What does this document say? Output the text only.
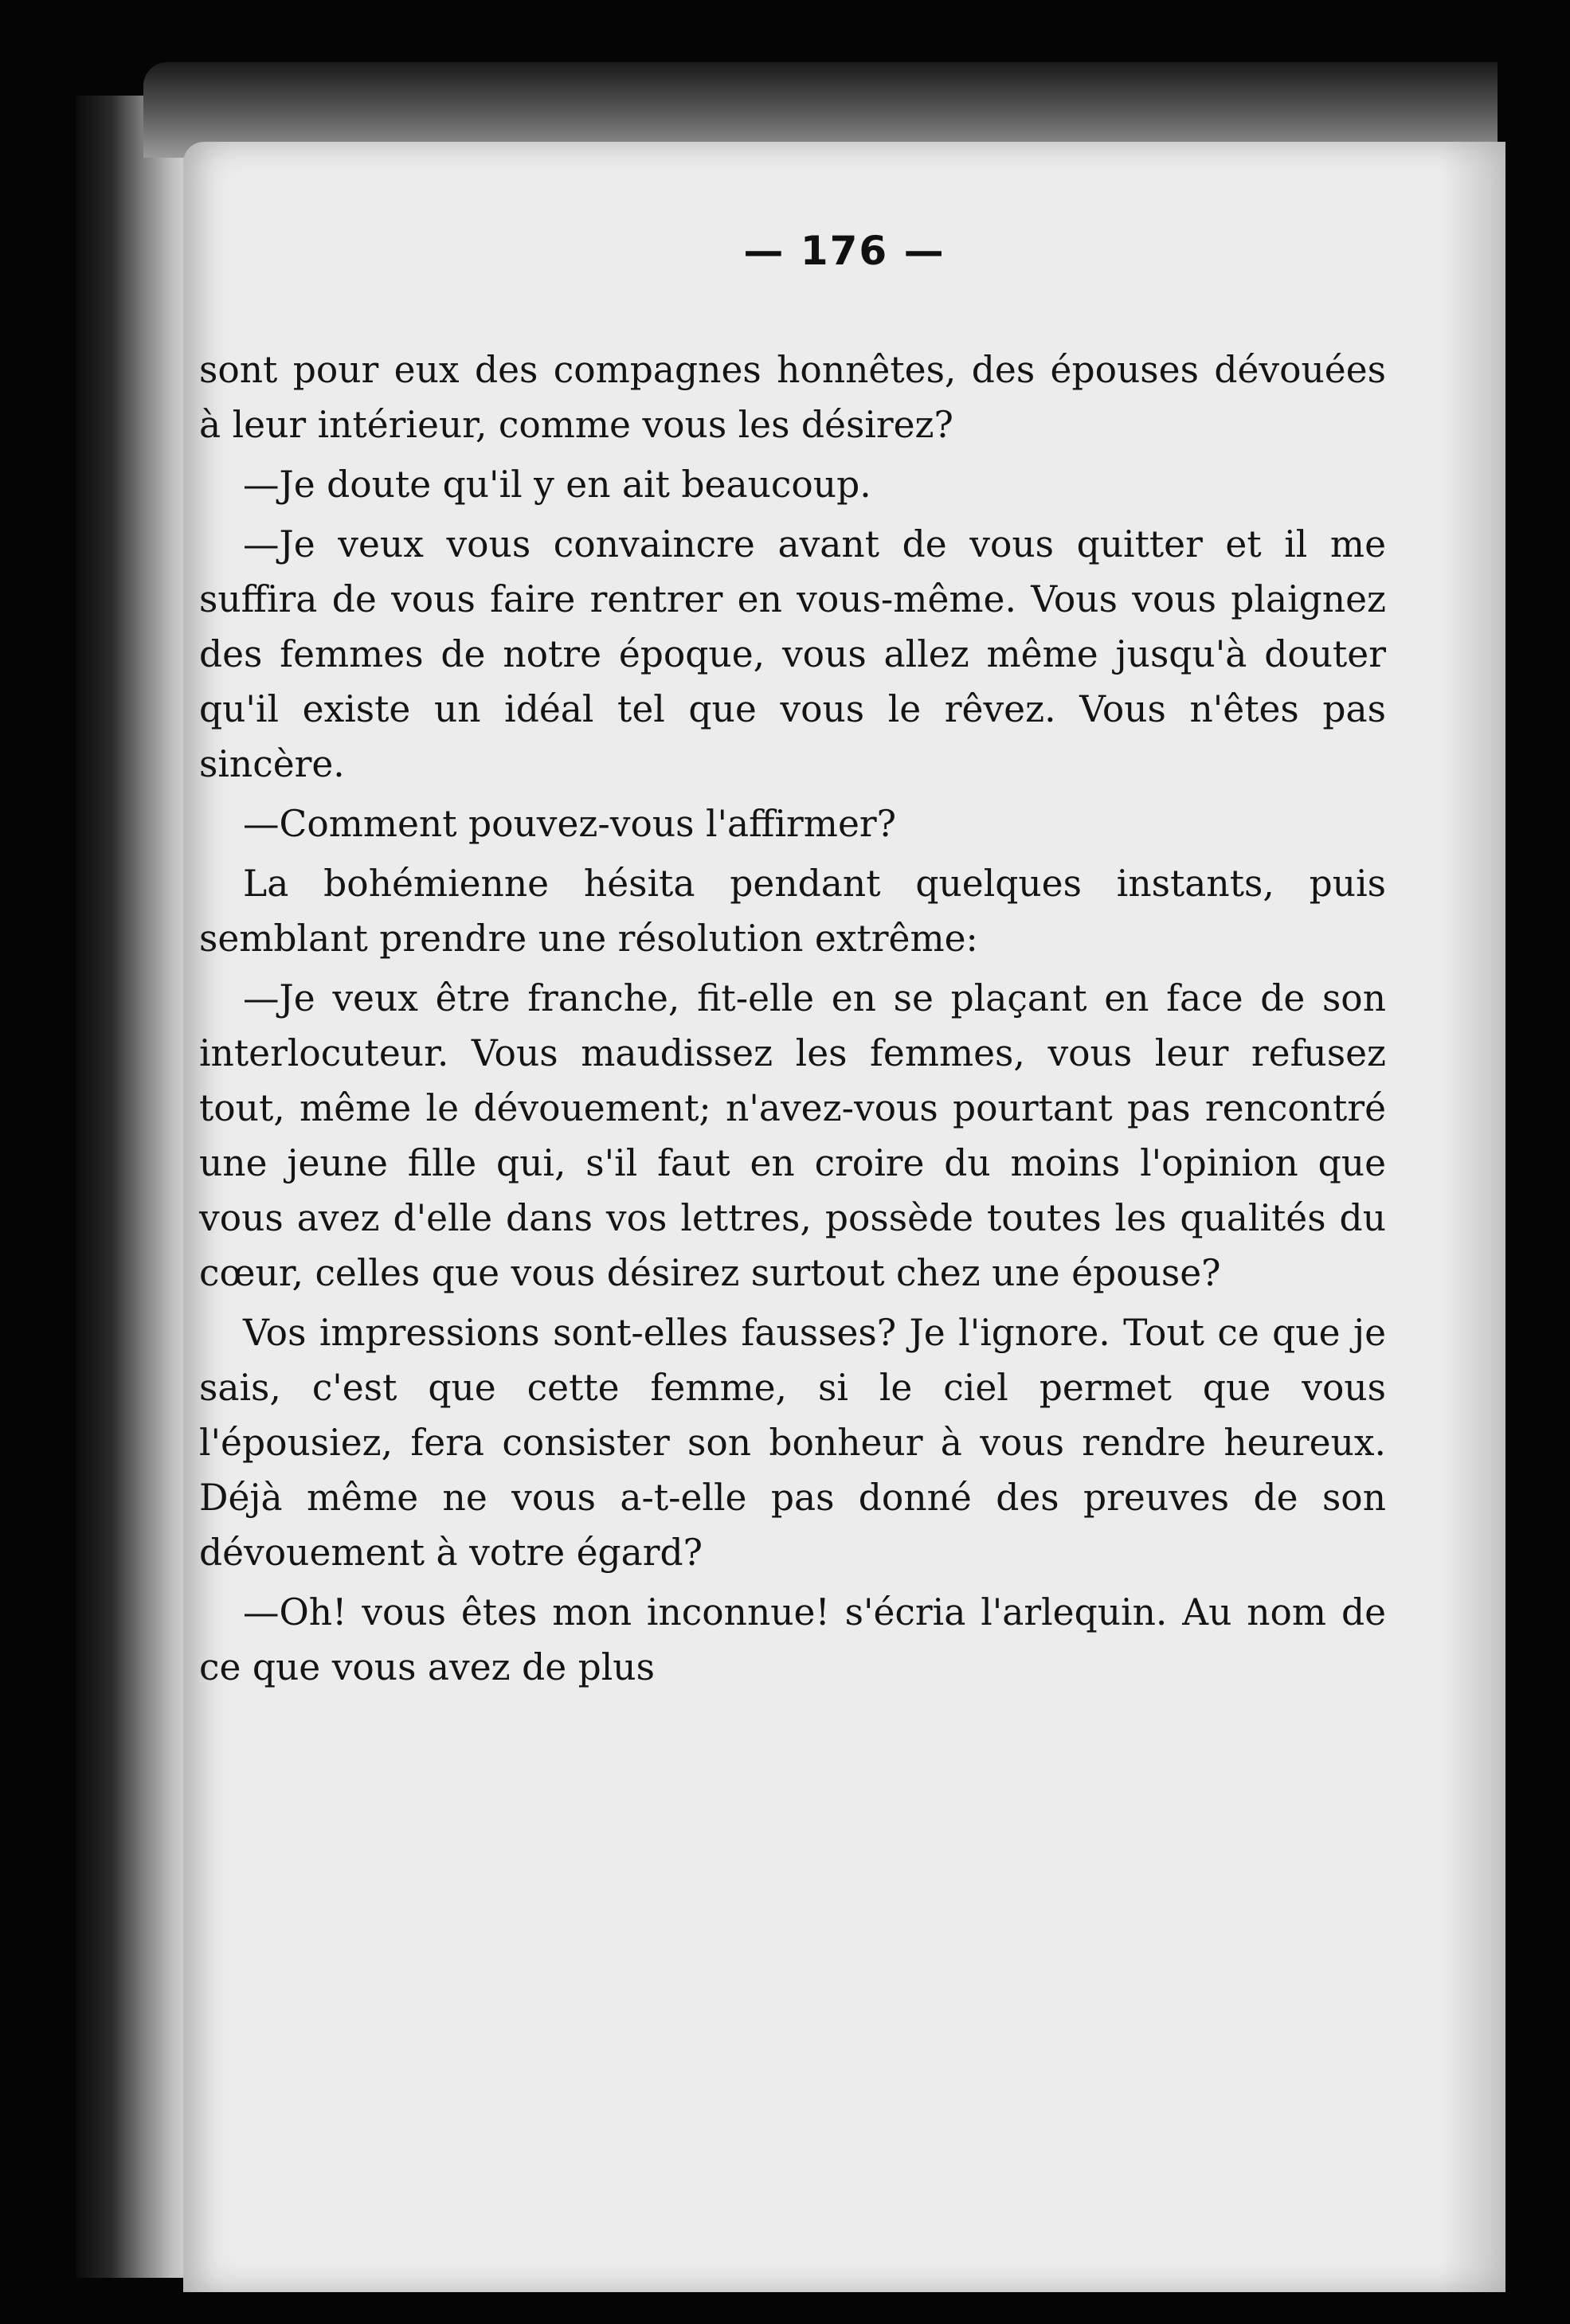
— 176 —

sont pour eux des compagnes honnêtes, des épouses dévouées à leur intérieur, comme vous les désirez?

—Je doute qu'il y en ait beaucoup.

—Je veux vous convaincre avant de vous quitter et il me suffira de vous faire rentrer en vous-même. Vous vous plaignez des femmes de notre époque, vous allez même jusqu'à douter qu'il existe un idéal tel que vous le rêvez. Vous n'êtes pas sincère.

—Comment pouvez-vous l'affirmer?

La bohémienne hésita pendant quelques instants, puis semblant prendre une résolution extrême:

—Je veux être franche, fit-elle en se plaçant en face de son interlocuteur. Vous maudissez les femmes, vous leur refusez tout, même le dévouement; n'avez-vous pourtant pas rencontré une jeune fille qui, s'il faut en croire du moins l'opinion que vous avez d'elle dans vos lettres, possède toutes les qualités du cœur, celles que vous désirez surtout chez une épouse?

Vos impressions sont-elles fausses? Je l'ignore. Tout ce que je sais, c'est que cette femme, si le ciel permet que vous l'épousiez, fera consister son bonheur à vous rendre heureux. Déjà même ne vous a-t-elle pas donné des preuves de son dévouement à votre égard?

—Oh! vous êtes mon inconnue! s'écria l'arlequin. Au nom de ce que vous avez de plus
